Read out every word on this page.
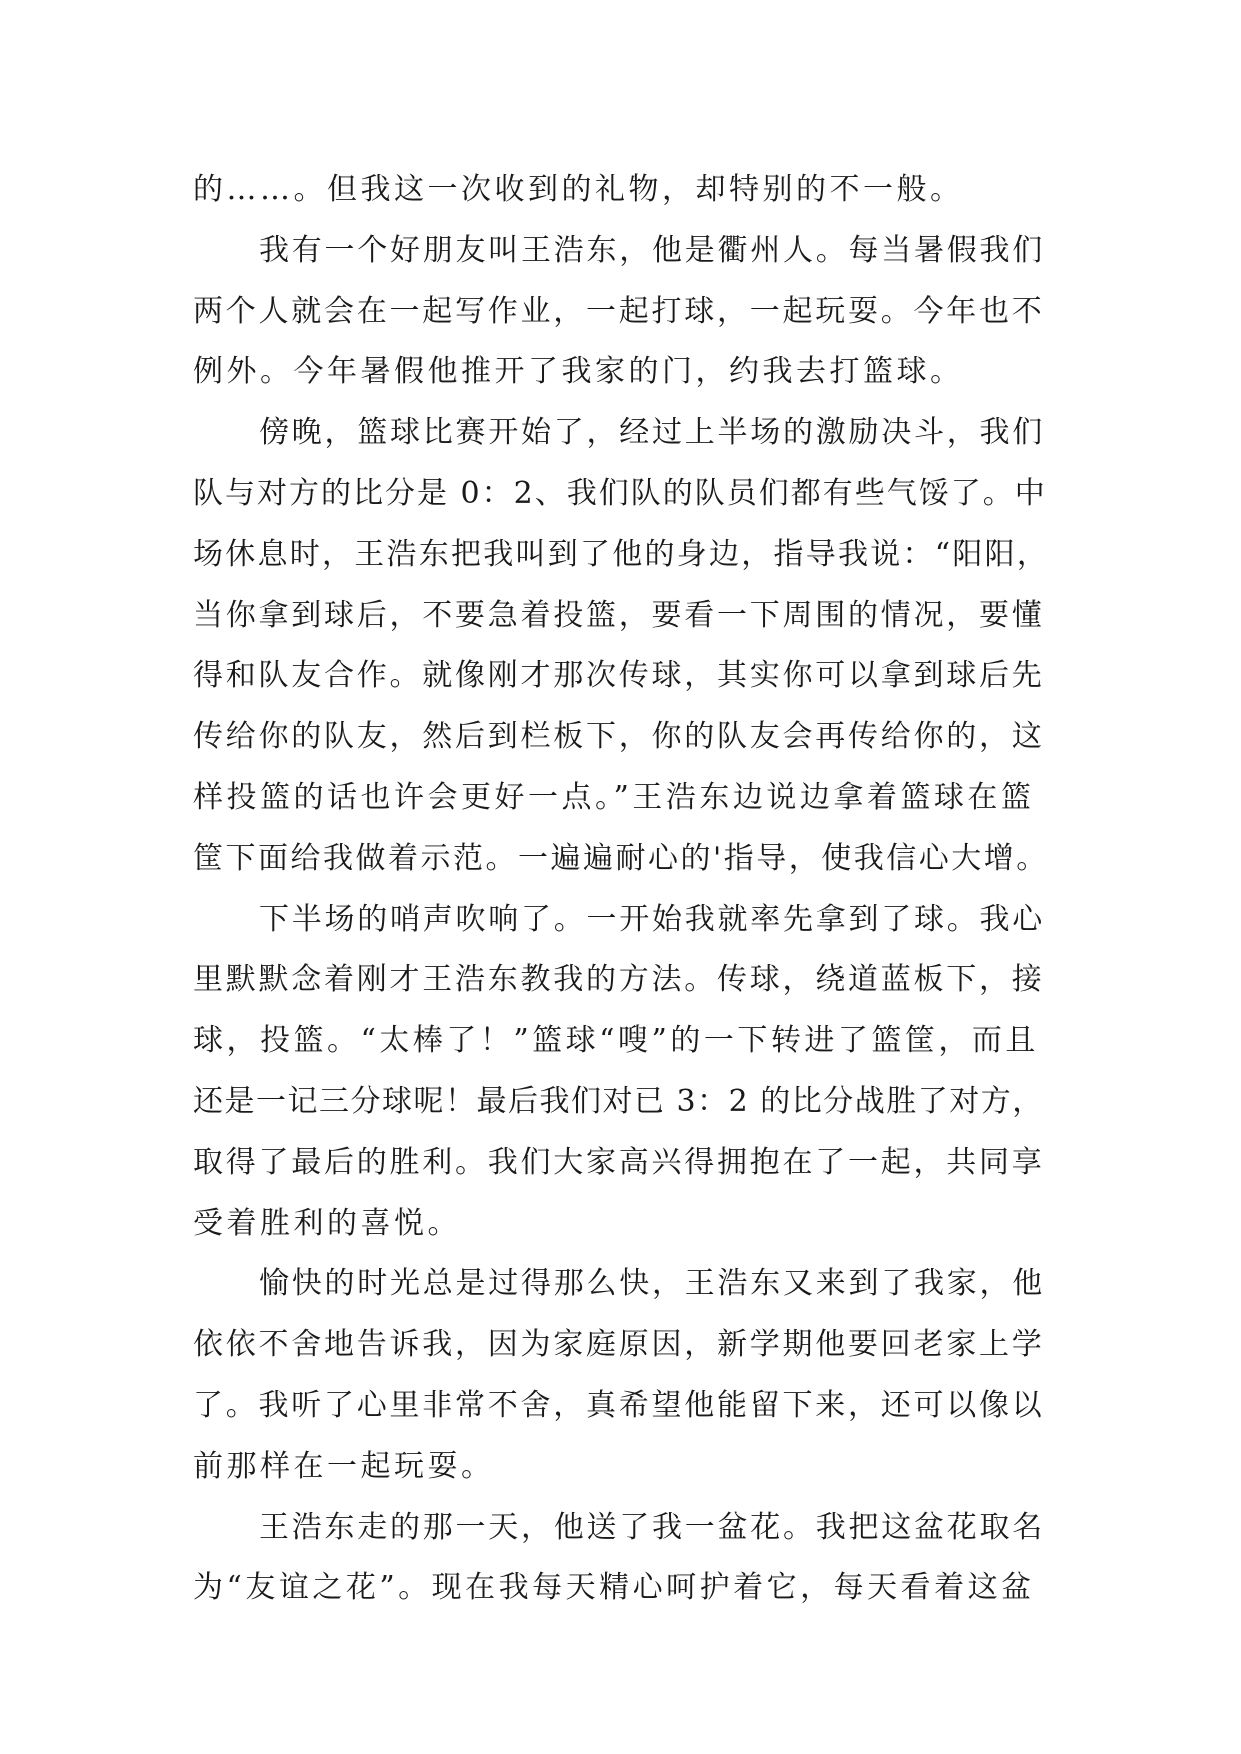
的……。但我这一次收到的礼物，却特别的不一般。
我有一个好朋友叫王浩东，他是衢州人。每当暑假我们
两个人就会在一起写作业，一起打球，一起玩耍。今年也不
例外。今年暑假他推开了我家的门，约我去打篮球。
傍晚，篮球比赛开始了，经过上半场的激励决斗，我们
队与对方的比分是 0：2、我们队的队员们都有些气馁了。中
场休息时，王浩东把我叫到了他的身边，指导我说：“阳阳，
当你拿到球后，不要急着投篮，要看一下周围的情况，要懂
得和队友合作。就像刚才那次传球，其实你可以拿到球后先
传给你的队友，然后到栏板下，你的队友会再传给你的，这
样投篮的话也许会更好一点。”王浩东边说边拿着篮球在篮
筐下面给我做着示范。一遍遍耐心的'指导，使我信心大增。
下半场的哨声吹响了。一开始我就率先拿到了球。我心
里默默念着刚才王浩东教我的方法。传球，绕道蓝板下，接
球，投篮。“太棒了！”篮球“嗖”的一下转进了篮筐，而且
还是一记三分球呢！最后我们对已 3：2 的比分战胜了对方，
取得了最后的胜利。我们大家高兴得拥抱在了一起，共同享
受着胜利的喜悦。
愉快的时光总是过得那么快，王浩东又来到了我家，他
依依不舍地告诉我，因为家庭原因，新学期他要回老家上学
了。我听了心里非常不舍，真希望他能留下来，还可以像以
前那样在一起玩耍。
王浩东走的那一天，他送了我一盆花。我把这盆花取名
为“友谊之花”。现在我每天精心呵护着它，每天看着这盆
